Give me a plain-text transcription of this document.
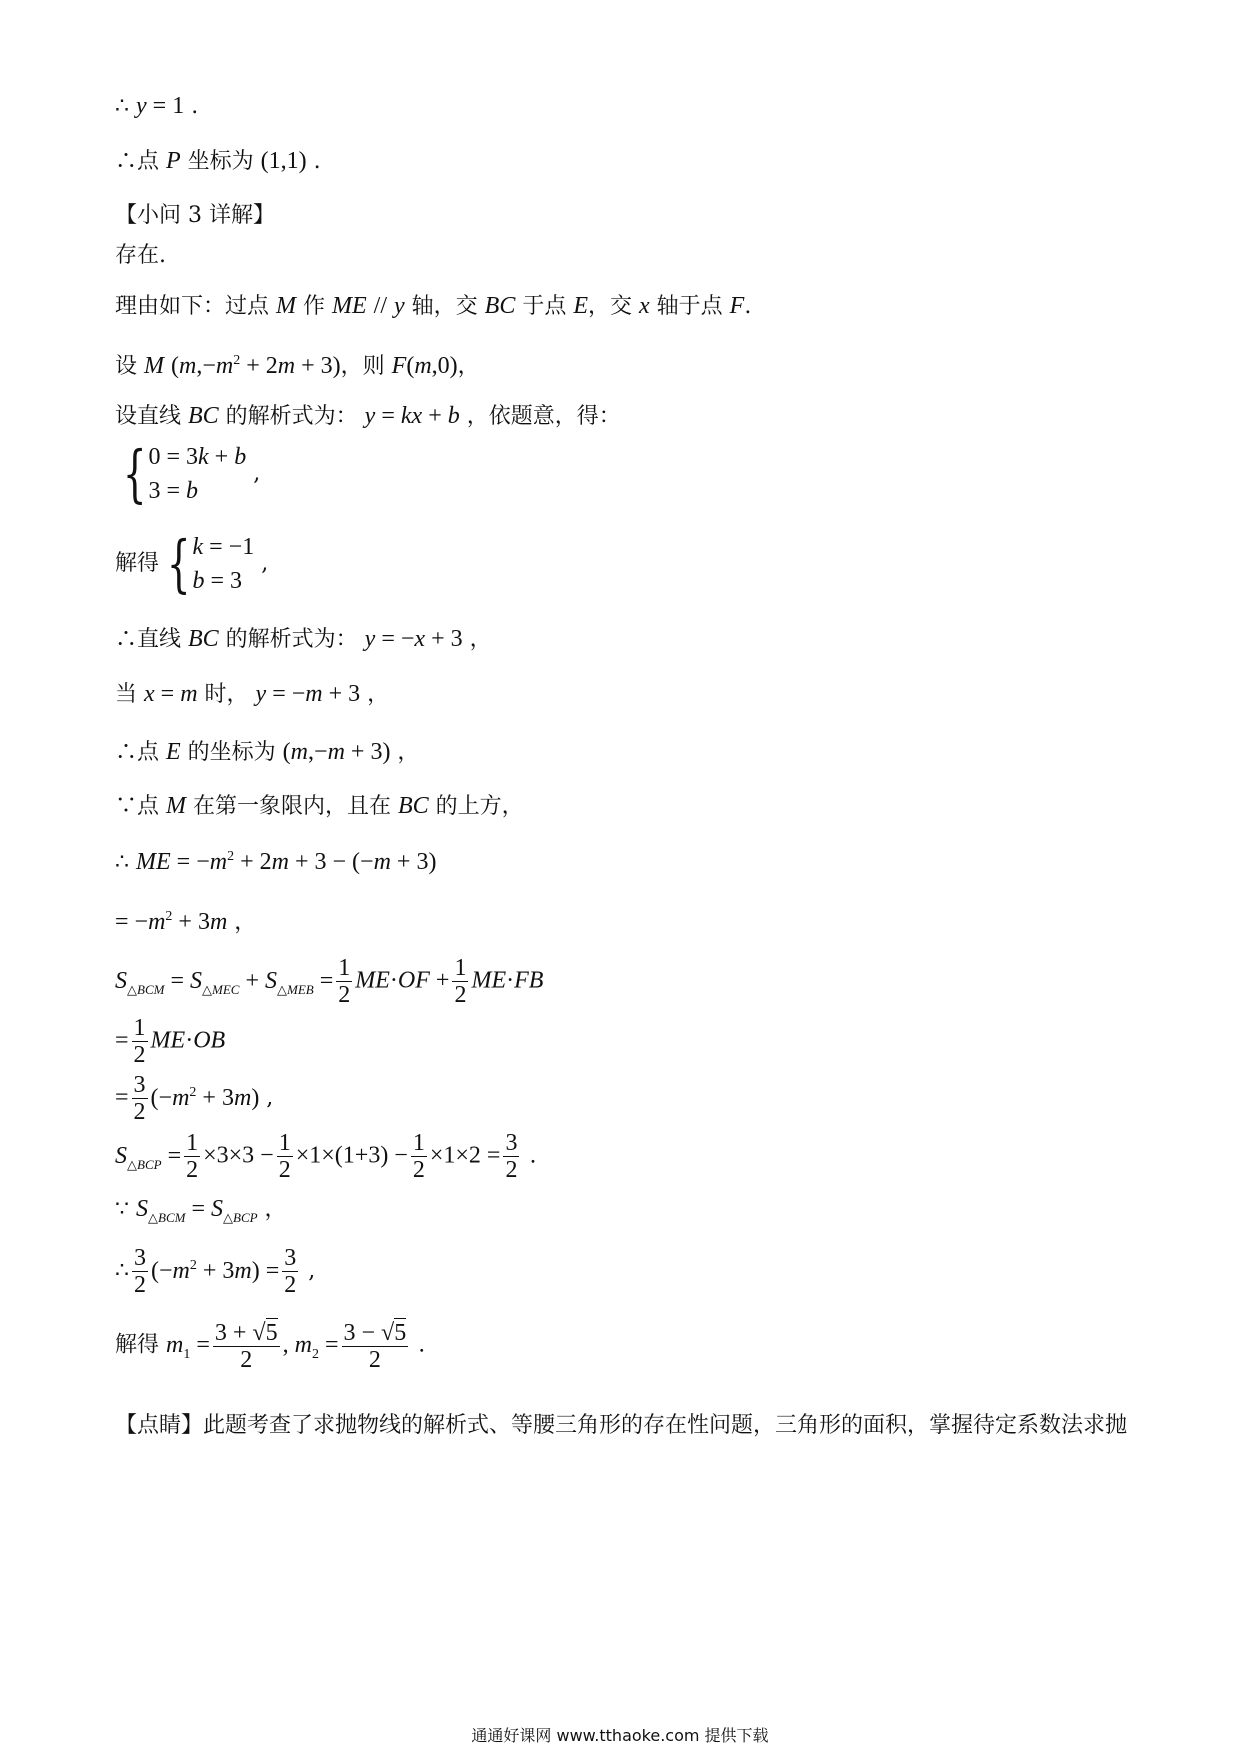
∴ y = 1 .
∴点 P 坐标为 (1,1) .
【小问 3 详解】
存在.
理由如下：过点 M 作 ME // y 轴，交 BC 于点 E，交 x 轴于点 F.
设 M $(m,-m^2 + 2m + 3)$，则 F(m,0)，
设直线 BC 的解析式为： y = kx + b ，依题意，得：
{ 0 = 3k + b
3 = b
,
解得 { k = −1
b = 3
,
∴直线 BC 的解析式为： y = −x + 3 ，
当 x = m 时， y = −m + 3 ，
∴点 E 的坐标为 (m,−m + 3) ，
∵点 M 在第一象限内，且在 BC 的上方，
∴ ME = $-m^2 + 2m + 3 - (-m + 3)$
= $-m^2 + 3m$ ，
$S_{\triangle BCM} = S_{\triangle MEC} + S_{\triangle MEB} = \frac{1}{2} ME\cdot OF + \frac{1}{2} ME\cdot FB$
= $\frac{1}{2} ME\cdot OB$
= $\frac{3}{2} (-m^2 + 3m)$ ,
$S_{\triangle BCP} = \frac{1}{2} \times 3\times 3 - \frac{1}{2} \times 1\times(1+3) - \frac{1}{2} \times 1\times 2 = \frac{3}{2}$ .
∵ $S_{\triangle BCM} = S_{\triangle BCP}$ ，
∴ $\frac{3}{2} (-m^2 + 3m) = \frac{3}{2}$ ,
解得 $m_1 = \frac{3 + √5}{2}$ , $m_2 = \frac{3 - √5}{2}$ .
【点睛】此题考查了求抛物线的解析式、等腰三角形的存在性问题，三角形的面积，掌握待定系数法求抛
通通好课网 www.tthaoke.com 提供下载
